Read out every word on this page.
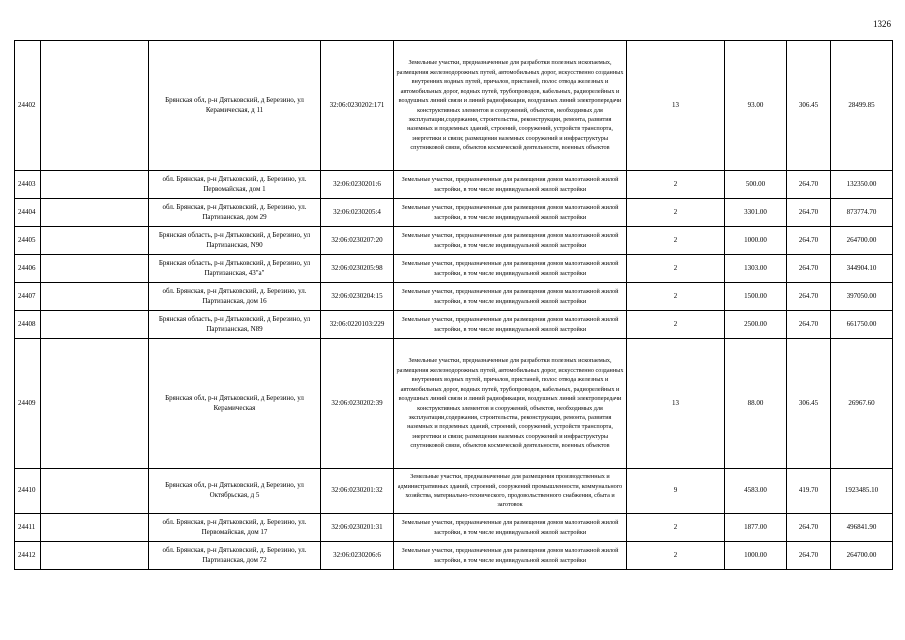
1326
24402		Брянская обл, р-н Дятьковский, д Березино, ул Керамическая, д 11	32:06:0230202:171	Земельные участки, предназначенные для разработки полезных ископаемых, размещения железнодорожных путей, автомобильных дорог, искусственно созданных внутренних водных путей, причалов, пристаней, полос отвода железных и автомобильных дорог, водных путей, трубопроводов, кабельных, радиорелейных и воздушных линий связи и линий радиофикации, воздушных линий электропередачи конструктивных элементов и сооружений, объектов, необходимых для эксплуатации,содержания, строительства, реконструкции, ремонта, развития наземных и подземных зданий, строений, сооружений, устройств транспорта, энергетики и связи; размещения наземных сооружений и инфраструктуры спутниковой связи, объектов космической деятельности, военных объектов	13	93.00	306.45	28499.85
24403		обл. Брянская, р-н Дятьковский, д. Березино, ул. Первомайская, дом 1	32:06:0230201:6	Земельные участки, предназначенные для размещения домов малоэтажной жилой застройки, в том числе индивидуальной жилой застройки	2	500.00	264.70	132350.00
24404		обл. Брянская, р-н Дятьковский, д. Березино, ул. Партизанская, дом 29	32:06:0230205:4	Земельные участки, предназначенные для размещения домов малоэтажной жилой застройки, в том числе индивидуальной жилой застройки	2	3301.00	264.70	873774.70
24405		Брянская область, р-н Дятьковский, д Березино, ул Партизанская, N90	32:06:0230207:20	Земельные участки, предназначенные для размещения домов малоэтажной жилой застройки, в том числе индивидуальной жилой застройки	2	1000.00	264.70	264700.00
24406		Брянская область, р-н Дятьковский, д Березино, ул Партизанская, 43"а"	32:06:0230205:98	Земельные участки, предназначенные для размещения домов малоэтажной жилой застройки, в том числе индивидуальной жилой застройки	2	1303.00	264.70	344904.10
24407		обл. Брянская, р-н Дятьковский, д. Березино, ул. Партизанская, дом 16	32:06:0230204:15	Земельные участки, предназначенные для размещения домов малоэтажной жилой застройки, в том числе индивидуальной жилой застройки	2	1500.00	264.70	397050.00
24408		Брянская область, р-н Дятьковский, д Березино, ул Партизанская, N89	32:06:0220103:229	Земельные участки, предназначенные для размещения домов малоэтажной жилой застройки, в том числе индивидуальной жилой застройки	2	2500.00	264.70	661750.00
24409		Брянская обл, р-н Дятьковский, д Березино, ул Керамическая	32:06:0230202:39	Земельные участки, предназначенные для разработки полезных ископаемых, размещения железнодорожных путей, автомобильных дорог, искусственно созданных внутренних водных путей, причалов, пристаней, полос отвода железных и автомобильных дорог, водных путей, трубопроводов, кабельных, радиорелейных и воздушных линий связи и линий радиофикации, воздушных линий электропередачи конструктивных элементов и сооружений, объектов, необходимых для эксплуатации,содержания, строительства, реконструкции, ремонта, развития наземных и подземных зданий, строений, сооружений, устройств транспорта, энергетики и связи; размещения наземных сооружений и инфраструктуры спутниковой связи, объектов космической деятельности, военных объектов	13	88.00	306.45	26967.60
24410		Брянская обл, р-н Дятьковский, д Березино, ул Октябрьская, д 5	32:06:0230201:32	Земельные участки, предназначенные для размещения производственных и административных зданий, строений, сооружений промышленности, коммунального хозяйства, материально-технического, продовольственного снабжения, сбыта и заготовок	9	4583.00	419.70	1923485.10
24411		обл. Брянская, р-н Дятьковский, д. Березино, ул. Первомайская, дом 17	32:06:0230201:31	Земельные участки, предназначенные для размещения домов малоэтажной жилой застройки, в том числе индивидуальной жилой застройки	2	1877.00	264.70	496841.90
24412		обл. Брянская, р-н Дятьковский, д. Березино, ул. Партизанская, дом 72	32:06:0230206:6	Земельные участки, предназначенные для размещения домов малоэтажной жилой застройки, в том числе индивидуальной жилой застройки	2	1000.00	264.70	264700.00
